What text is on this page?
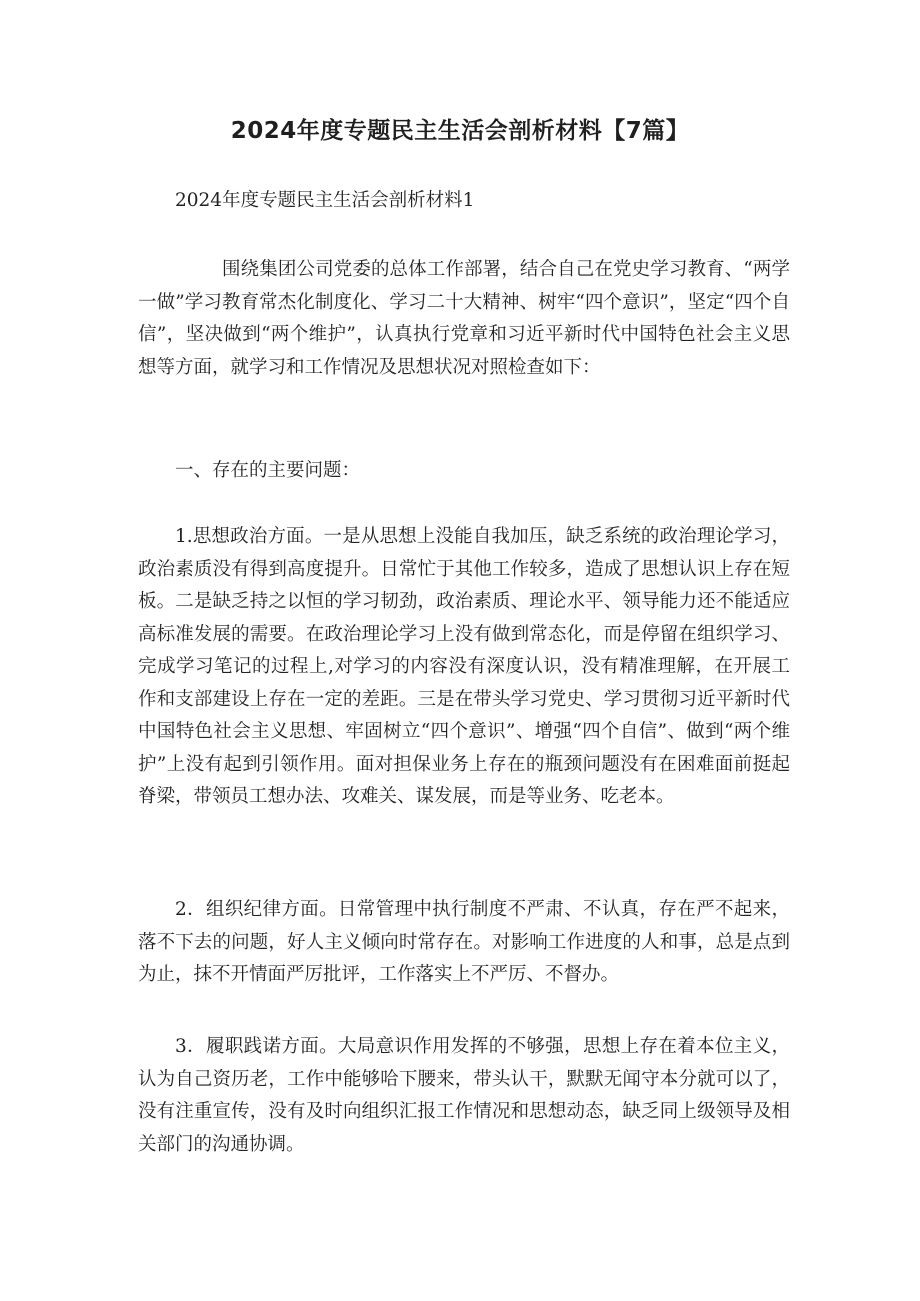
2024年度专题民主生活会剖析材料【7篇】

2024年度专题民主生活会剖析材料1

围绕集团公司党委的总体工作部署，结合自己在党史学习教育、“两学一做”学习教育常杰化制度化、学习二十大精神、树牢“四个意识”，坚定“四个自信”，坚决做到“两个维护”，认真执行党章和习近平新时代中国特色社会主义思想等方面，就学习和工作情况及思想状况对照检查如下：

一、存在的主要问题：

1.思想政治方面。一是从思想上没能自我加压，缺乏系统的政治理论学习，政治素质没有得到高度提升。日常忙于其他工作较多，造成了思想认识上存在短板。二是缺乏持之以恒的学习韧劲，政治素质、理论水平、领导能力还不能适应高标准发展的需要。在政治理论学习上没有做到常态化，而是停留在组织学习、完成学习笔记的过程上,对学习的内容没有深度认识，没有精准理解，在开展工作和支部建设上存在一定的差距。三是在带头学习党史、学习贯彻习近平新时代中国特色社会主义思想、牢固树立“四个意识”、增强“四个自信”、做到“两个维护”上没有起到引领作用。面对担保业务上存在的瓶颈问题没有在困难面前挺起脊梁，带领员工想办法、攻难关、谋发展，而是等业务、吃老本。

2．组织纪律方面。日常管理中执行制度不严肃、不认真，存在严不起来，落不下去的问题，好人主义倾向时常存在。对影响工作进度的人和事，总是点到为止，抹不开情面严厉批评，工作落实上不严厉、不督办。

3．履职践诺方面。大局意识作用发挥的不够强，思想上存在着本位主义，认为自己资历老，工作中能够哈下腰来，带头认干，默默无闻守本分就可以了，没有注重宣传，没有及时向组织汇报工作情况和思想动态，缺乏同上级领导及相关部门的沟通协调。
